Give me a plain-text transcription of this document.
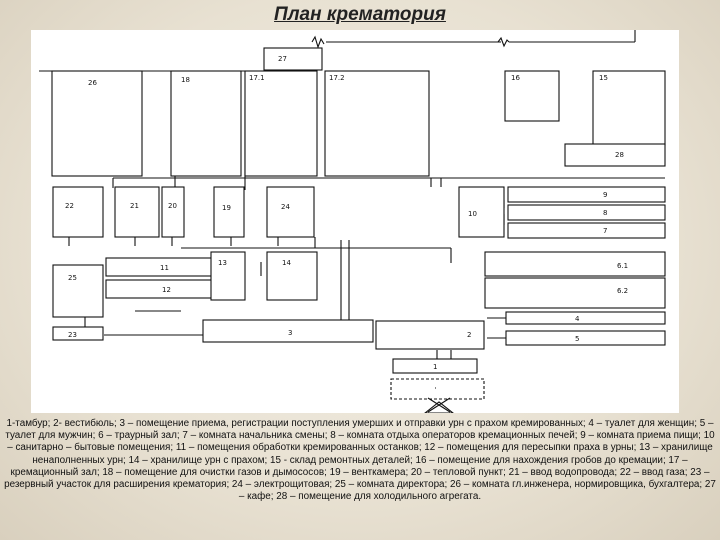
План крематория
26	18
27
17.1	17.2	16	15
28
22	21	20	19	24
10
9
8
7
25
11
12
13	14	6.1
6.2
23	3	2
4
5
1
1-тамбур; 2- вестибюль; 3 – помещение приема, регистрации поступления умерших и отправки урн с прахом кремированных; 4 – туалет для женщин; 5 – туалет для мужчин; 6 – траурный зал; 7 – комната начальника смены; 8 – комната отдыха операторов кремационных печей; 9 – комната приема пищи; 10 – санитарно – бытовые помещения; 11 – помещения обработки кремированных останков; 12 – помещения для пересыпки праха в урны; 13 – хранилище ненаполненных урн; 14 – хранилище урн с прахом; 15 - склад ремонтных деталей; 16 – помещение для нахождения гробов до кремации; 17 – кремационный зал; 18 – помещение для очистки газов и дымососов; 19 – венткамера; 20 – тепловой пункт; 21 – ввод водопровода; 22 – ввод газа; 23 – резервный участок для расширения крематория; 24 – электрощитовая; 25 – комната директора; 26 – комната гл.инженера, нормировщика, бухгалтера; 27 – кафе; 28 – помещение для холодильного агрегата.
